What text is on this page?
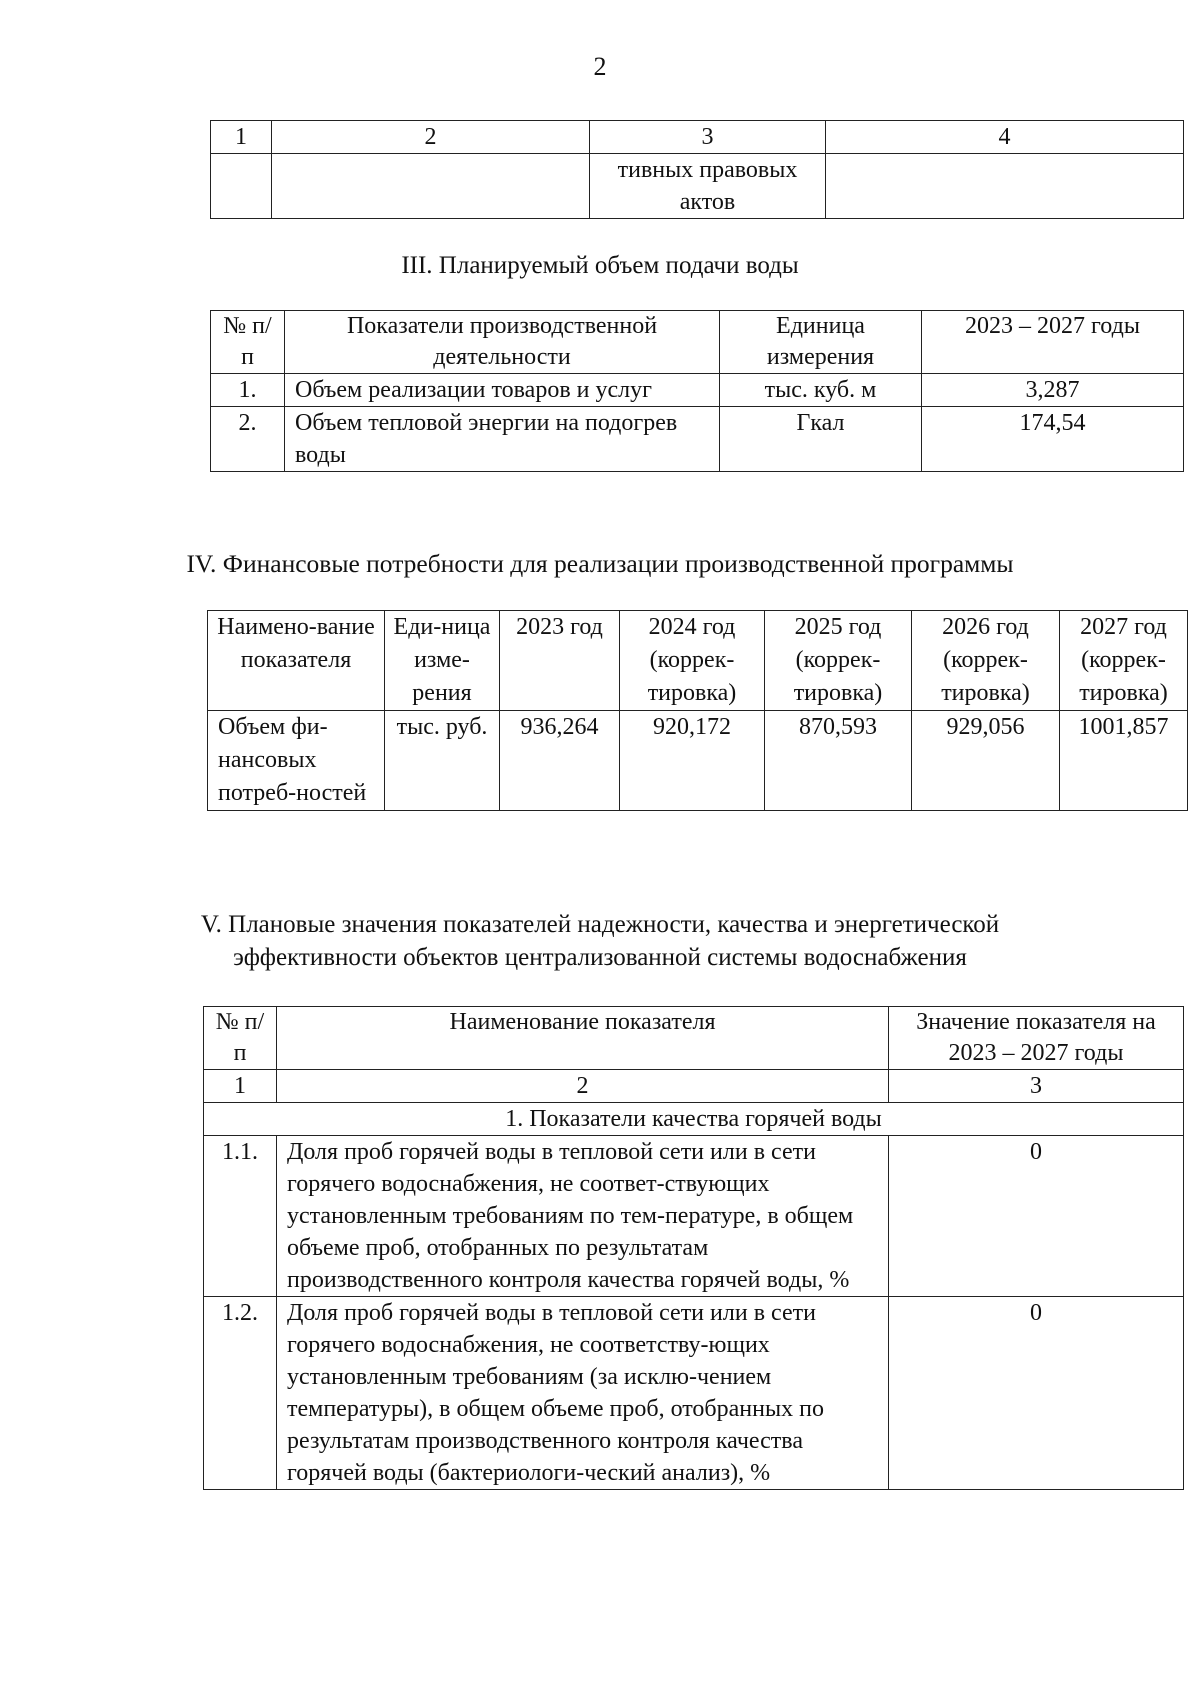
2
1	2	3	4
		тивных правовых актов	
III. Планируемый объем подачи воды
№ п/п	Показатели производственной деятельности	Единица измерения	2023 – 2027 годы
1.	Объем реализации товаров и услуг	тыс. куб. м	3,287
2.	Объем тепловой энергии на подогрев воды	Гкал	174,54
IV. Финансовые потребности для реализации производственной программы
Наимено-вание показателя	Еди-ница изме-рения	2023 год	2024 год (коррек-тировка)	2025 год (коррек-тировка)	2026 год (коррек-тировка)	2027 год (коррек-тировка)
Объем фи-нансовых потреб-ностей	тыс. руб.	936,264	920,172	870,593	929,056	1001,857
V. Плановые значения показателей надежности, качества и энергетической
эффективности объектов централизованной системы водоснабжения
№ п/п	Наименование показателя	Значение показателя на 2023 – 2027 годы
1	2	3
1. Показатели качества горячей воды		
1.1.	Доля проб горячей воды в тепловой сети или в сети горячего водоснабжения, не соответ-ствующих установленным требованиям по тем-пературе, в общем объеме проб, отобранных по результатам производственного контроля качества горячей воды, %	0
1.2.	Доля проб горячей воды в тепловой сети или в сети горячего водоснабжения, не соответству-ющих установленным требованиям (за исклю-чением температуры), в общем объеме проб, отобранных по результатам производственного контроля качества горячей воды (бактериологи-ческий анализ), %	0
